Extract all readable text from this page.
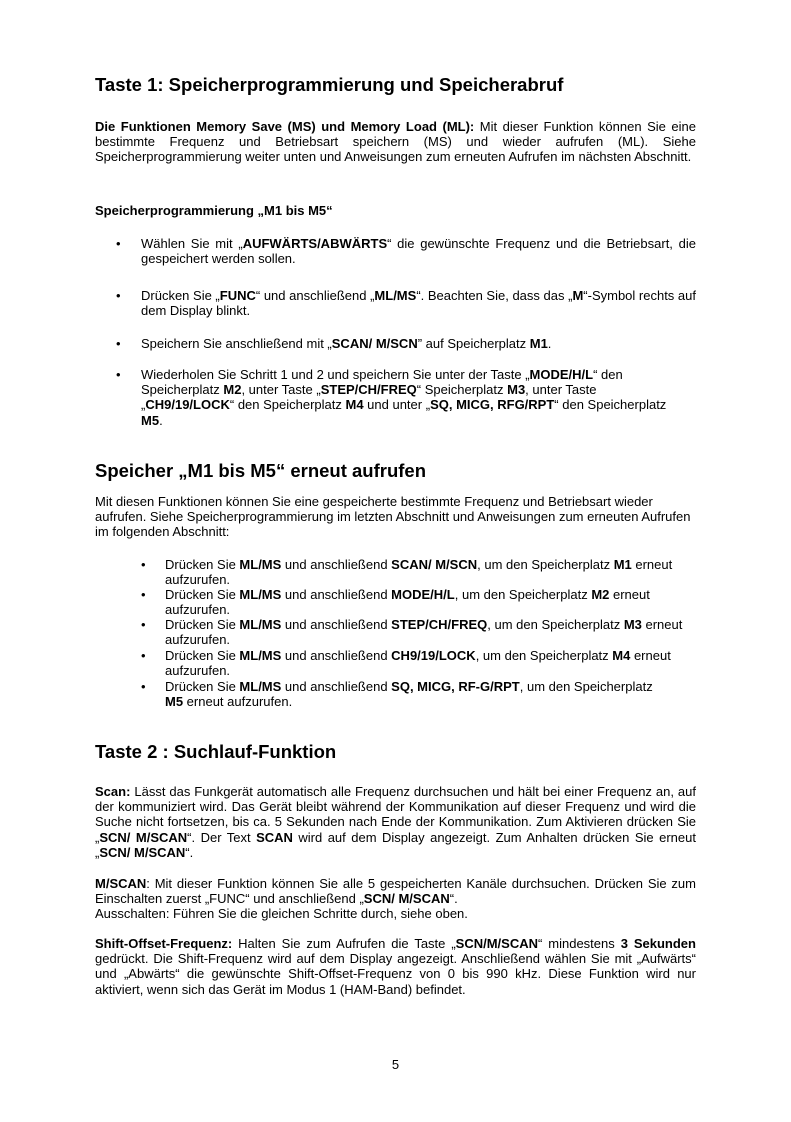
Taste 1: Speicherprogrammierung und Speicherabruf

Die Funktionen Memory Save (MS) und Memory Load (ML): Mit dieser Funktion können Sie eine bestimmte Frequenz und Betriebsart speichern (MS) und wieder aufrufen (ML). Siehe Speicherprogrammierung weiter unten und Anweisungen zum erneuten Aufrufen im nächsten Abschnitt.

Speicherprogrammierung „M1 bis M5“

• Wählen Sie mit „AUFWÄRTS/ABWÄRTS“ die gewünschte Frequenz und die Betriebsart, die gespeichert werden sollen.

• Drücken Sie „FUNC“ und anschließend „ML/MS“. Beachten Sie, dass das „M“-Symbol rechts auf dem Display blinkt.

• Speichern Sie anschließend mit „SCAN/ M/SCN” auf Speicherplatz M1.

• Wiederholen Sie Schritt 1 und 2 und speichern Sie unter der Taste „MODE/H/L“ den Speicherplatz M2, unter Taste „STEP/CH/FREQ“ Speicherplatz M3, unter Taste „CH9/19/LOCK“ den Speicherplatz M4 und unter „SQ, MICG, RFG/RPT“ den Speicherplatz M5.

Speicher „M1 bis M5“ erneut aufrufen

Mit diesen Funktionen können Sie eine gespeicherte bestimmte Frequenz und Betriebsart wieder aufrufen. Siehe Speicherprogrammierung im letzten Abschnitt und Anweisungen zum erneuten Aufrufen im folgenden Abschnitt:

• Drücken Sie ML/MS und anschließend SCAN/ M/SCN, um den Speicherplatz M1 erneut aufzurufen.

• Drücken Sie ML/MS und anschließend MODE/H/L, um den Speicherplatz M2 erneut aufzurufen.

• Drücken Sie ML/MS und anschließend STEP/CH/FREQ, um den Speicherplatz M3 erneut aufzurufen.

• Drücken Sie ML/MS und anschließend CH9/19/LOCK, um den Speicherplatz M4 erneut aufzurufen.

• Drücken Sie ML/MS und anschließend SQ, MICG, RF-G/RPT, um den Speicherplatz M5 erneut aufzurufen.

Taste 2 : Suchlauf-Funktion

Scan: Lässt das Funkgerät automatisch alle Frequenz durchsuchen und hält bei einer Frequenz an, auf der kommuniziert wird. Das Gerät bleibt während der Kommunikation auf dieser Frequenz und wird die Suche nicht fortsetzen, bis ca. 5 Sekunden nach Ende der Kommunikation. Zum Aktivieren drücken Sie „SCN/ M/SCAN“. Der Text SCAN wird auf dem Display angezeigt. Zum Anhalten drücken Sie erneut „SCN/ M/SCAN“.

M/SCAN: Mit dieser Funktion können Sie alle 5 gespeicherten Kanäle durchsuchen. Drücken Sie zum Einschalten zuerst „FUNC“ und anschließend „SCN/ M/SCAN“.
Ausschalten: Führen Sie die gleichen Schritte durch, siehe oben.

Shift-Offset-Frequenz: Halten Sie zum Aufrufen die Taste „SCN/M/SCAN“ mindestens 3 Sekunden gedrückt. Die Shift-Frequenz wird auf dem Display angezeigt. Anschließend wählen Sie mit „Aufwärts“ und „Abwärts“ die gewünschte Shift-Offset-Frequenz von 0 bis 990 kHz. Diese Funktion wird nur aktiviert, wenn sich das Gerät im Modus 1 (HAM-Band) befindet.

5
